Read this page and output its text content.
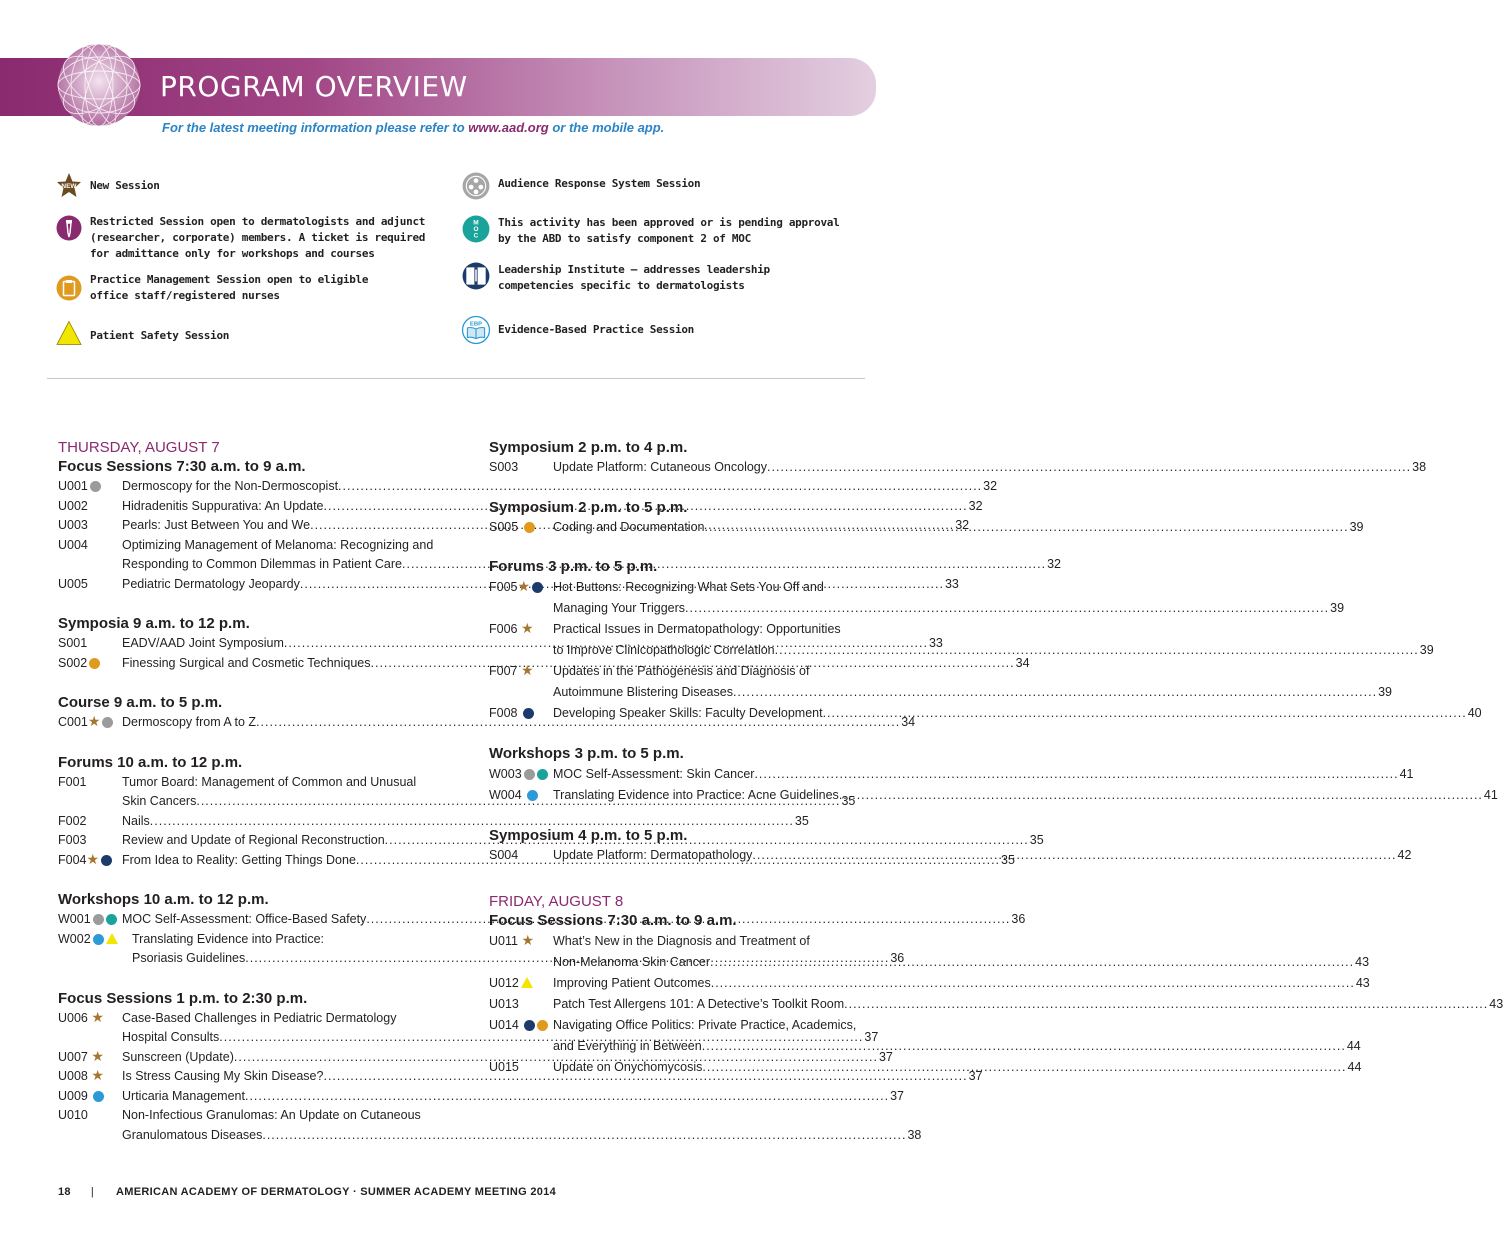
PROGRAM OVERVIEW
For the latest meeting information please refer to www.aad.org or the mobile app.
NEW New Session
Restricted Session open to dermatologists and adjunct (researcher, corporate) members. A ticket is required for admittance only for workshops and courses
Practice Management Session open to eligible office staff/registered nurses
Patient Safety Session
Audience Response System Session
M
O
C
This activity has been approved or is pending approval by the ABD to satisfy component 2 of MOC
Leadership Institute — addresses leadership competencies specific to dermatologists
EBP Evidence-Based Practice Session
THURSDAY, AUGUST 7
Focus Sessions 7:30 a.m. to 9 a.m.
U001	Dermoscopy for the Non-Dermoscopist .....	32
U002	Hidradenitis Suppurativa: An Update .....	32
U003	Pearls: Just Between You and We .....	32
U004	Optimizing Management of Melanoma: Recognizing and
Responding to Common Dilemmas in Patient Care .....	32
U005	Pediatric Dermatology Jeopardy .....	33
Symposia 9 a.m. to 12 p.m.
S001	EADV/AAD Joint Symposium .....	33
S002	Finessing Surgical and Cosmetic Techniques .....	34
Course 9 a.m. to 5 p.m.
C001★	Dermoscopy from A to Z .....	34
Forums 10 a.m. to 12 p.m.
F001	Tumor Board: Management of Common and Unusual
Skin Cancers .....	35
F002	Nails .....	35
F003	Review and Update of Regional Reconstruction .....	35
F004★	From Idea to Reality: Getting Things Done .....	35
Workshops 10 a.m. to 12 p.m.
W001	MOC Self-Assessment: Office-Based Safety .....	36
W002	Translating Evidence into Practice:
Psoriasis Guidelines .....	36
Focus Sessions 1 p.m. to 2:30 p.m.
U006 ★	Case-Based Challenges in Pediatric Dermatology
Hospital Consults .....	37
U007 ★	Sunscreen (Update) .....	37
U008 ★	Is Stress Causing My Skin Disease? .....	37
U009	Urticaria Management .....	37
U010	Non-Infectious Granulomas: An Update on Cutaneous
Granulomatous Diseases .....	38
Symposium 2 p.m. to 4 p.m.
S003	Update Platform: Cutaneous Oncology .....	38
Symposium 2 p.m. to 5 p.m.
S005	Coding and Documentation .....	39
Forums 3 p.m. to 5 p.m.
F005★	Hot Buttons: Recognizing What Sets You Off and
Managing Your Triggers .....	39
F006 ★	Practical Issues in Dermatopathology: Opportunities
to Improve Clinicopathologic Correlation .....	39
F007 ★	Updates in the Pathogenesis and Diagnosis of
Autoimmune Blistering Diseases .....	39
F008	Developing Speaker Skills: Faculty Development .....	40
Workshops 3 p.m. to 5 p.m.
W003	MOC Self-Assessment: Skin Cancer .....	41
W004	Translating Evidence into Practice: Acne Guidelines .....	41
Symposium 4 p.m. to 5 p.m.
S004	Update Platform: Dermatopathology .....	42
FRIDAY, AUGUST 8
Focus Sessions 7:30 a.m. to 9 a.m.
U011 ★	What’s New in the Diagnosis and Treatment of
Non-Melanoma Skin Cancer .....	43
U012	Improving Patient Outcomes .....	43
U013	Patch Test Allergens 101: A Detective’s Toolkit Room .....	43
U014	Navigating Office Politics: Private Practice, Academics,
and Everything in Between .....	44
U015	Update on Onychomycosis .....	44
18 | AMERICAN ACADEMY OF DERMATOLOGY · SUMMER ACADEMY MEETING 2014
